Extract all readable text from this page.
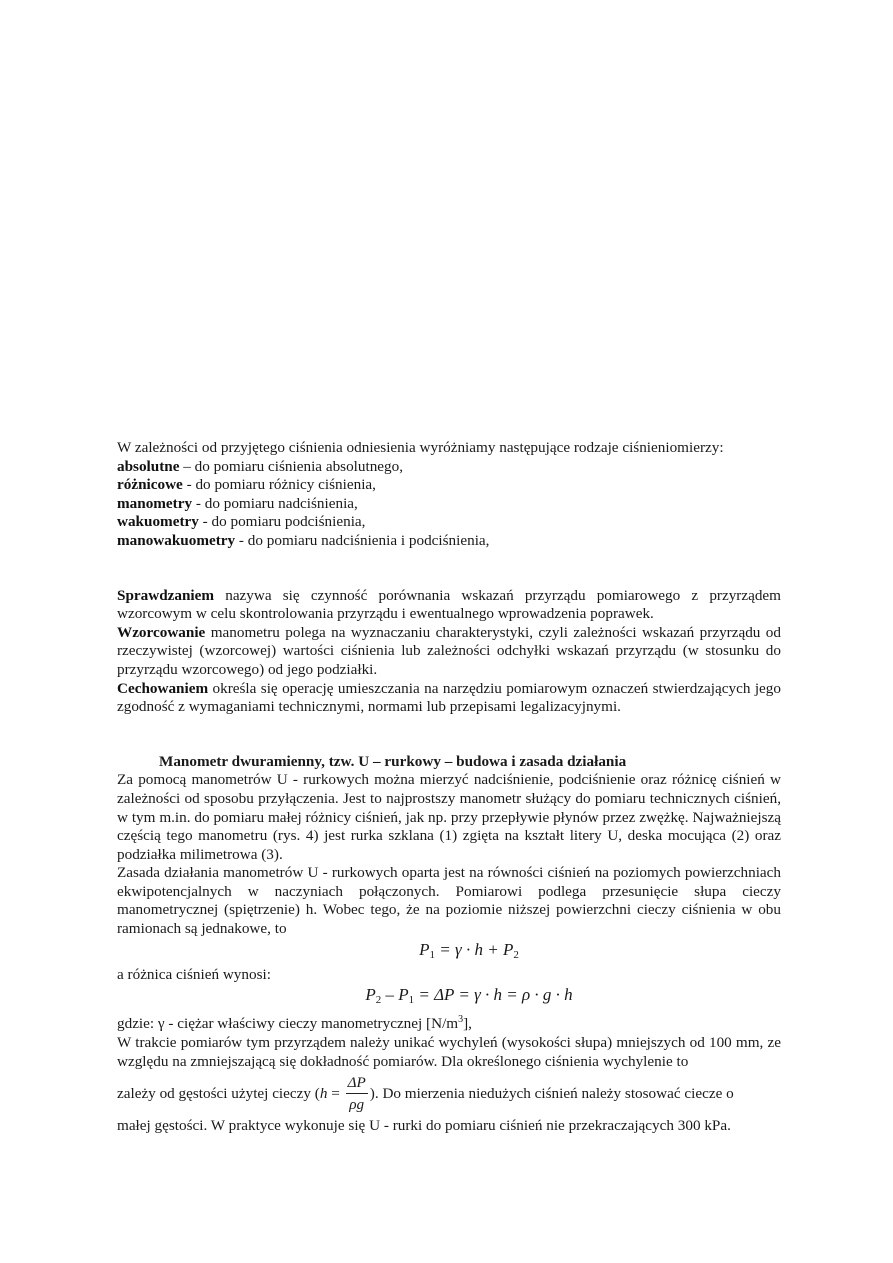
W zależności od przyjętego ciśnienia odniesienia wyróżniamy następujące rodzaje ciśnieniomierzy:
absolutne – do pomiaru ciśnienia absolutnego,
różnicowe - do pomiaru różnicy ciśnienia,
manometry - do pomiaru nadciśnienia,
wakuometry - do pomiaru podciśnienia,
manowakuometry - do pomiaru nadciśnienia i podciśnienia,

Sprawdzaniem nazywa się czynność porównania wskazań przyrządu pomiarowego z przyrządem wzorcowym w celu skontrolowania przyrządu i ewentualnego wprowadzenia poprawek.

Wzorcowanie manometru polega na wyznaczaniu charakterystyki, czyli zależności wskazań przyrządu od rzeczywistej (wzorcowej) wartości ciśnienia lub zależności odchyłki wskazań przyrządu (w stosunku do przyrządu wzorcowego) od jego podziałki.

Cechowaniem określa się operację umieszczania na narzędziu pomiarowym oznaczeń stwierdzających jego zgodność z wymaganiami technicznymi, normami lub przepisami legalizacyjnymi.

Manometr dwuramienny, tzw. U – rurkowy – budowa i zasada działania

Za pomocą manometrów U - rurkowych można mierzyć nadciśnienie, podciśnienie oraz różnicę ciśnień w zależności od sposobu przyłączenia. Jest to najprostszy manometr służący do pomiaru technicznych ciśnień, w tym m.in. do pomiaru małej różnicy ciśnień, jak np. przy przepływie płynów przez zwężkę. Najważniejszą częścią tego manometru (rys. 4) jest rurka szklana (1) zgięta na kształt litery U, deska mocująca (2) oraz podziałka milimetrowa (3).

Zasada działania manometrów U - rurkowych oparta jest na równości ciśnień na poziomych powierzchniach ekwipotencjalnych w naczyniach połączonych. Pomiarowi podlega przesunięcie słupa cieczy manometrycznej (spiętrzenie) h. Wobec tego, że na poziomie niższej powierzchni cieczy ciśnienia w obu ramionach są jednakowe, to

$P_1 = \gamma \cdot h + P_2$
a różnica ciśnień wynosi:
$P_2 - P_1 = \Delta P = \gamma \cdot h = \rho \cdot g \cdot h$
gdzie: γ - ciężar właściwy cieczy manometrycznej $[N/m^3]$,

W trakcie pomiarów tym przyrządem należy unikać wychyleń (wysokości słupa) mniejszych od 100 mm, ze względu na zmniejszającą się dokładność pomiarów. Dla określonego ciśnienia wychylenie to

zależy od gęstości użytej cieczy ($h = \frac{\Delta P}{\rho g}$ ). Do mierzenia niedużych ciśnień należy stosować ciecze o
małej gęstości. W praktyce wykonuje się U - rurki do pomiaru ciśnień nie przekraczających 300 kPa.
